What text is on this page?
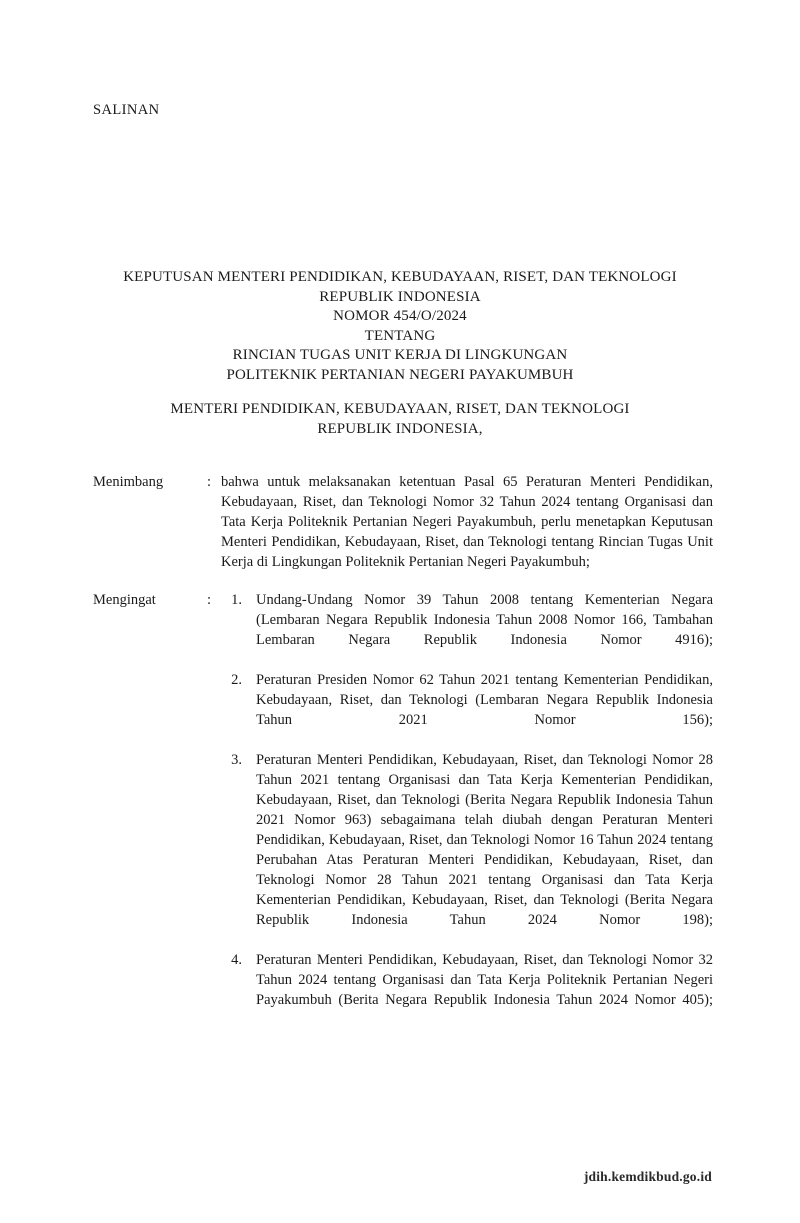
SALINAN
KEPUTUSAN MENTERI PENDIDIKAN, KEBUDAYAAN, RISET, DAN TEKNOLOGI
REPUBLIK INDONESIA
NOMOR 454/O/2024
TENTANG
RINCIAN TUGAS UNIT KERJA DI LINGKUNGAN
POLITEKNIK PERTANIAN NEGERI PAYAKUMBUH
MENTERI PENDIDIKAN, KEBUDAYAAN, RISET, DAN TEKNOLOGI
REPUBLIK INDONESIA,
Menimbang	: bahwa untuk melaksanakan ketentuan Pasal 65 Peraturan Menteri Pendidikan, Kebudayaan, Riset, dan Teknologi Nomor 32 Tahun 2024 tentang Organisasi dan Tata Kerja Politeknik Pertanian Negeri Payakumbuh, perlu menetapkan Keputusan Menteri Pendidikan, Kebudayaan, Riset, dan Teknologi tentang Rincian Tugas Unit Kerja di Lingkungan Politeknik Pertanian Negeri Payakumbuh;

Mengingat	:	1. Undang-Undang Nomor 39 Tahun 2008 tentang Kementerian Negara (Lembaran Negara Republik Indonesia Tahun 2008 Nomor 166, Tambahan Lembaran Negara Republik Indonesia Nomor 4916);
2. Peraturan Presiden Nomor 62 Tahun 2021 tentang Kementerian Pendidikan, Kebudayaan, Riset, dan Teknologi (Lembaran Negara Republik Indonesia Tahun 2021 Nomor 156);
3. Peraturan Menteri Pendidikan, Kebudayaan, Riset, dan Teknologi Nomor 28 Tahun 2021 tentang Organisasi dan Tata Kerja Kementerian Pendidikan, Kebudayaan, Riset, dan Teknologi (Berita Negara Republik Indonesia Tahun 2021 Nomor 963) sebagaimana telah diubah dengan Peraturan Menteri Pendidikan, Kebudayaan, Riset, dan Teknologi Nomor 16 Tahun 2024 tentang Perubahan Atas Peraturan Menteri Pendidikan, Kebudayaan, Riset, dan Teknologi Nomor 28 Tahun 2021 tentang Organisasi dan Tata Kerja Kementerian Pendidikan, Kebudayaan, Riset, dan Teknologi (Berita Negara Republik Indonesia Tahun 2024 Nomor 198);
4. Peraturan Menteri Pendidikan, Kebudayaan, Riset, dan Teknologi Nomor 32 Tahun 2024 tentang Organisasi dan Tata Kerja Politeknik Pertanian Negeri Payakumbuh (Berita Negara Republik Indonesia Tahun 2024 Nomor 405);
jdih.kemdikbud.go.id
